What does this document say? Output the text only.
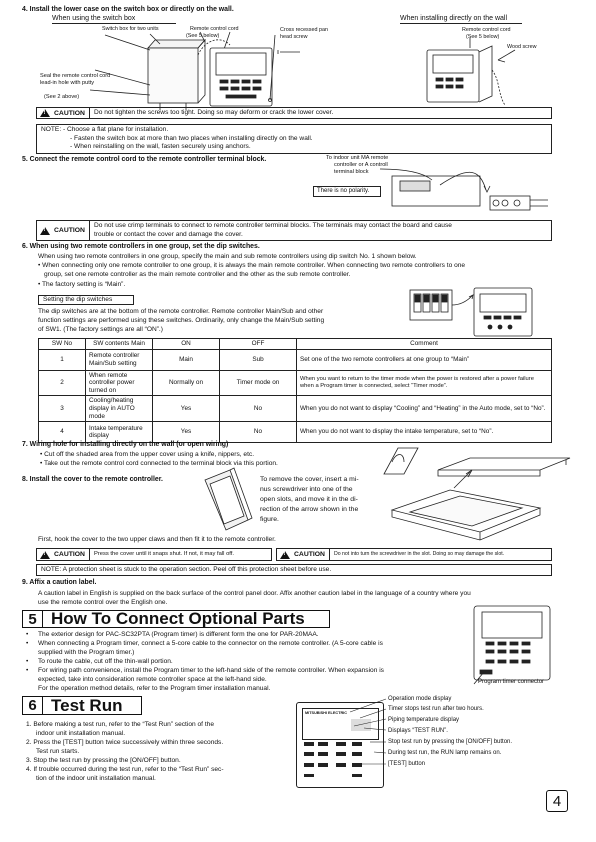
4. Install the lower case on the switch box or directly on the wall.
When using the switch box	When installing directly on the wall
Switch box for two units	Remote control cord
(See 5 below)
Cross recessed pan
head screw
Remote control cord
(See 5 below)
Wood screw
Seal the remote control cord
lead-in hole with putty
(See 2 above)
!
CAUTION Do not tighten the screws too tight. Doing so may deform or crack the lower cover.
NOTE: - Choose a flat plane for installation.
- Fasten the switch box at more than two places when installing directly on the wall.
- When reinstalling on the wall, fasten securely using anchors.
5. Connect the remote control cord to the remote controller terminal block.	To indoor unit MA remote
controller or A controll
terminal block
There is no polarity.
!
CAUTION
Do not use crimp terminals to connect to remote controller terminal blocks. The terminals may contact the board and cause
trouble or contact the cover and damage the cover.
6. When using two remote controllers in one group, set the dip switches.
When using two remote controllers in one group, specify the main and sub remote controllers using dip switch No. 1 shown below.
• When connecting only one remote controller to one group, it is always the main remote controller. When connecting two remote controllers to one
group, set one remote controller as the main remote controller and the other as the sub remote controller.
• The factory setting is “Main”.
Setting the dip switches
The dip switches are at the bottom of the remote controller. Remote controller Main/Sub and other
function settings are performed using these switches. Ordinarily, only change the Main/Sub setting
of SW1. (The factory settings are all “ON”.)
SW No	SW contents Main	ON	OFF	Comment
1	Remote controller Main/Sub setting	Main	Sub	Set one of the two remote controllers at one group to “Main”
2	When remote controller power turned on	Normally on	Timer mode on	When you want to return to the timer mode when the power is restored after a power failure when a Program timer is connected, select “Timer mode”.
3	Cooling/heating display in AUTO mode	Yes	No	When you do not want to display “Cooling” and “Heating” in the Auto mode, set to “No”.
4	Intake temperature display	Yes	No	When you do not want to display the intake temperature, set to “No”.
7. Wiring hole for installing directly on the wall (or open wiring)
• Cut off the shaded area from the upper cover using a knife, nippers, etc.
• Take out the remote control cord connected to the terminal block via this portion.
8. Install the cover to the remote controller.	To remove the cover, insert a mi-
nus screwdriver into one of the
open slots, and move it in the di-
rection of the arrow shown in the
figure.
First, hook the cover to the two upper claws and then fit it to the remote controller.
!
CAUTION Press the cover until it snaps shut. If not, it may fall off. !	CAUTION Do not into turn the screwdriver in the slot. Doing so may damage the slot.
NOTE: A protection sheet is stuck to the operation section. Peel off this protection sheet before use.
9. Affix a caution label.
A caution label in English is supplied on the back surface of the control panel door. Affix another caution label in the language of a country where you
use the remote control over the English one.
5 How To Connect Optional Parts
• The exterior design for PAC-SC32PTA (Program timer) is different form the one for PAR-20MAA.
• When connecting a Program timer, connect a 5-core cable to the connector on the remote controller. (A 5-core cable is
supplied with the Program timer.)
• To route the cable, cut off the thin-wall portion.
• For wiring path convenience, install the Program timer to the left-hand side of the remote controller. When expansion is
expected, take into consideration remote controller space at the left-hand side.
For the operation method details, refer to the Program timer installation manual.
Program timer connector
6 Test Run
1. Before making a test run, refer to the “Test Run” section of the
indoor unit installation manual.
2. Press the [TEST] button twice successively within three seconds.
Test run starts.
3. Stop the test run by pressing the [ON/OFF] button.
4. If trouble occurred during the test run, refer to the “Test Run” sec-
tion of the indoor unit installation manual.
MITSUBISHI ELECTRIC
Operation mode display
Timer stops test run after two hours.
Piping temperature display
Displays “TEST RUN”.
Stop test run by pressing the [ON/OFF] button.
During test run, the RUN lamp remains on.
[TEST] button
4
